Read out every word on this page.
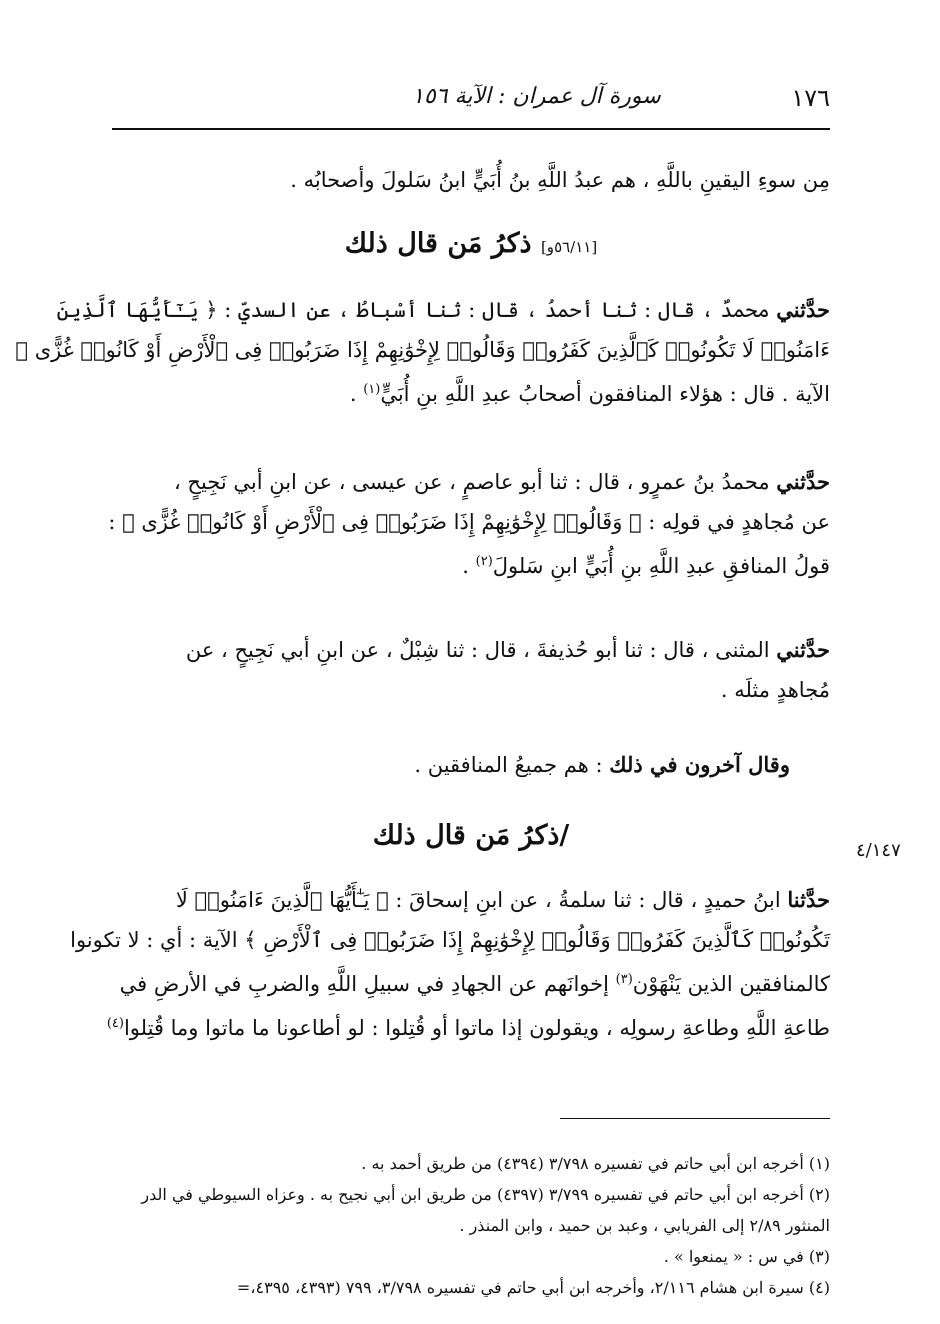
١٧٦
سورة آل عمران : الآية ١٥٦
مِن سوءِ اليقينِ باللَّهِ ، هم عبدُ اللَّهِ بنُ أُبَيٍّ ابنُ سَلولَ وأصحابُه .
[٥٦/١١و] ذكرُ مَن قال ذلك
حدَّثني محمدٌ ، قال : ثنا أحمدُ ، قال : ثنا أسْباطُ ، عن السديِّ : ﴿ يَـٰٓأَيُّهَا ٱلَّذِينَ
ءَامَنُوا۟ لَا تَكُونُوا۟ كَٱلَّذِينَ كَفَرُوا۟ وَقَالُوا۟ لِإِخْوَٰنِهِمْ إِذَا ضَرَبُوا۟ فِى ٱلْأَرْضِ أَوْ كَانُوا۟ غُزًّى ﴾
الآية . قال : هؤلاء المنافقون أصحابُ عبدِ اللَّهِ بنِ أُبَيٍّ$^{(١)}$ .
حدَّثني محمدُ بنُ عمرٍو ، قال : ثنا أبو عاصمٍ ، عن عيسى ، عن ابنِ أبي نَجِيحٍ ،
عن مُجاهدٍ في قولِه : ﴿ وَقَالُوا۟ لِإِخْوَٰنِهِمْ إِذَا ضَرَبُوا۟ فِى ٱلْأَرْضِ أَوْ كَانُوا۟ غُزًّى ﴾ :
قولُ المنافقِ عبدِ اللَّهِ بنِ أُبَيٍّ ابنِ سَلولَ$^{(٢)}$ .
حدَّثني المثنى ، قال : ثنا أبو حُذيفةَ ، قال : ثنا شِبْلٌ ، عن ابنِ أبي نَجِيحٍ ، عن
مُجاهدٍ مثلَه .
وقال آخرون في ذلك : هم جميعُ المنافقين .
/ذكرُ مَن قال ذلك	٤/١٤٧
حدَّثنا ابنُ حميدٍ ، قال : ثنا سلمةُ ، عن ابنِ إسحاقَ : ﴿ يَـٰٓأَيُّهَا ٱلَّذِينَ ءَامَنُوا۟ لَا
تَكُونُوا۟ كَٱلَّذِينَ كَفَرُوا۟ وَقَالُوا۟ لِإِخْوَٰنِهِمْ إِذَا ضَرَبُوا۟ فِى ٱلْأَرْضِ ﴾ الآية : أي : لا تكونوا
كالمنافقين الذين يَنْهَوْن$^{(٣)}$ إخوانَهم عن الجهادِ في سبيلِ اللَّهِ والضربِ في الأرضِ في
طاعةِ اللَّهِ وطاعةِ رسولِه ، ويقولون إذا ماتوا أو قُتِلوا : لو أطاعونا ما ماتوا وما قُتِلوا$^{(٤)}$
(١) أخرجه ابن أبي حاتم في تفسيره ٣/٧٩٨ (٤٣٩٤) من طريق أحمد به .
(٢) أخرجه ابن أبي حاتم في تفسيره ٣/٧٩٩ (٤٣٩٧) من طريق ابن أبي نجيح به . وعزاه السيوطي في الدر
المنثور ٢/٨٩ إلى الفريابي ، وعبد بن حميد ، وابن المنذر .
(٣) في س : « يمنعوا » .
(٤) سيرة ابن هشام ٢/١١٦، وأخرجه ابن أبي حاتم في تفسيره ٣/٧٩٨، ٧٩٩ (٤٣٩٣، ٤٣٩٥،=
